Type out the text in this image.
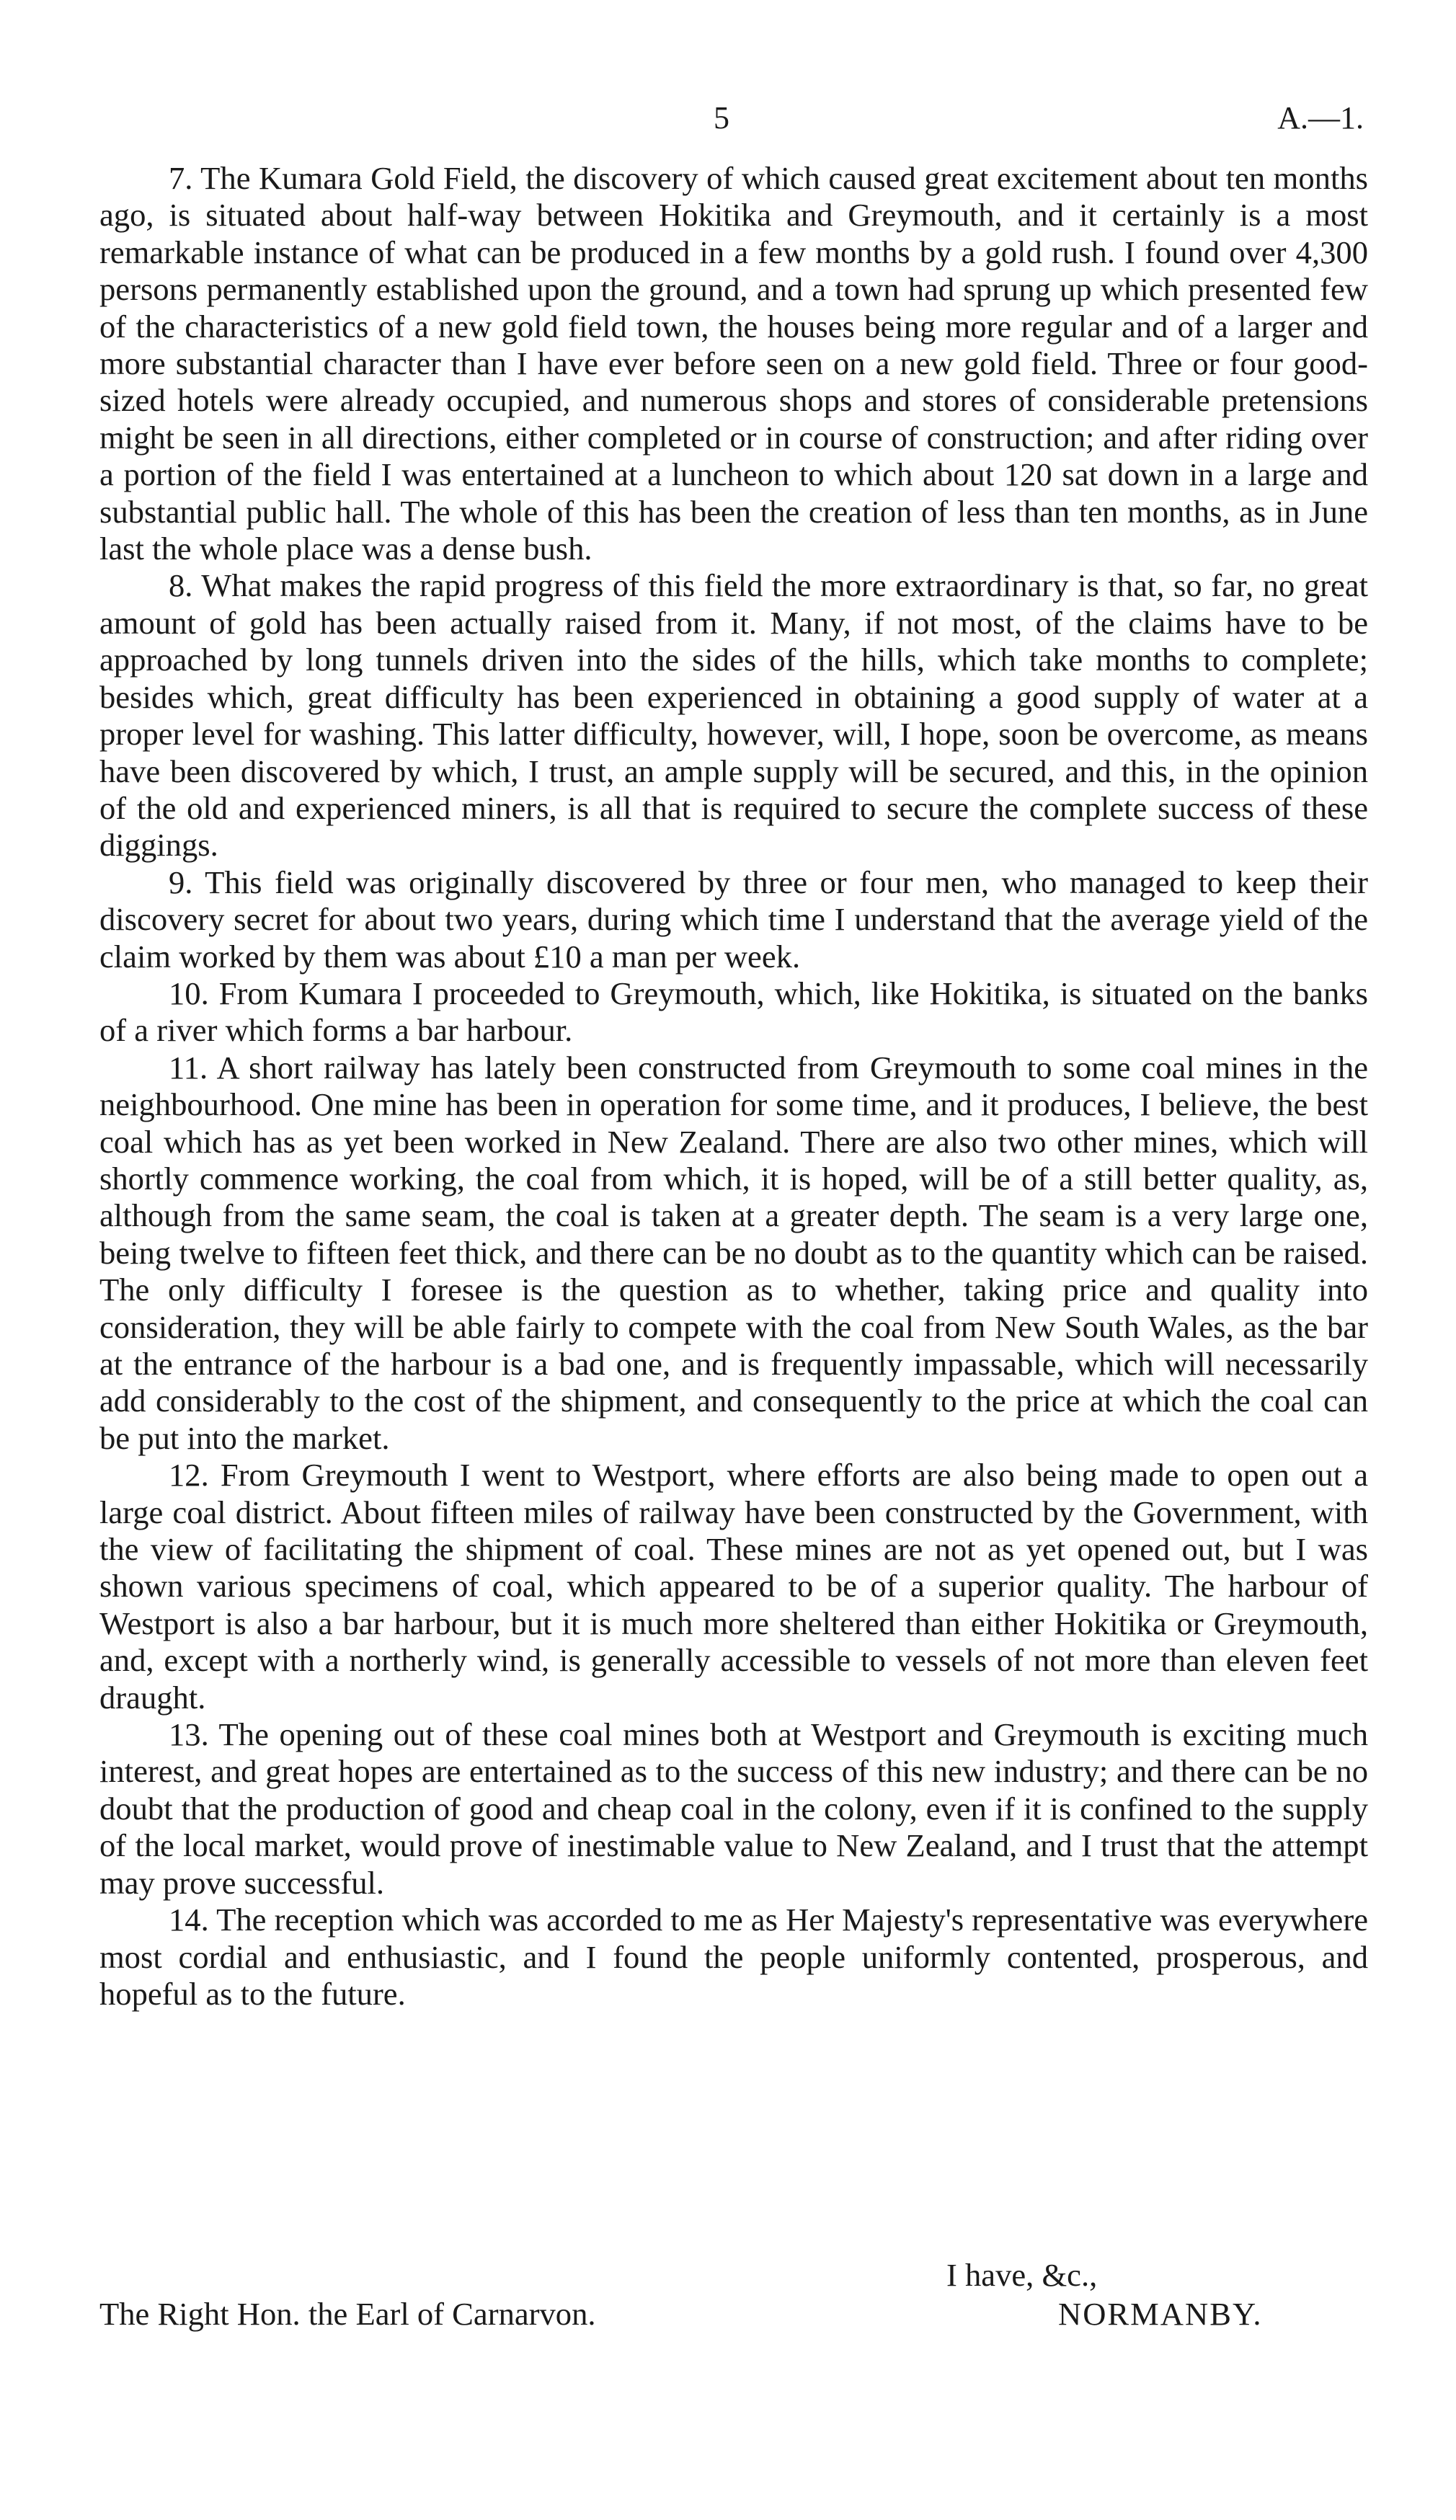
5	A.—1.

7. The Kumara Gold Field, the discovery of which caused great excitement about ten months ago, is situated about half-way between Hokitika and Greymouth, and it certainly is a most remarkable instance of what can be produced in a few months by a gold rush. I found over 4,300 persons permanently established upon the ground, and a town had sprung up which presented few of the characteristics of a new gold field town, the houses being more regular and of a larger and more substantial character than I have ever before seen on a new gold field. Three or four good-sized hotels were already occupied, and numerous shops and stores of considerable pretensions might be seen in all directions, either completed or in course of construction; and after riding over a portion of the field I was entertained at a luncheon to which about 120 sat down in a large and substantial public hall. The whole of this has been the creation of less than ten months, as in June last the whole place was a dense bush.

8. What makes the rapid progress of this field the more extraordinary is that, so far, no great amount of gold has been actually raised from it. Many, if not most, of the claims have to be approached by long tunnels driven into the sides of the hills, which take months to complete; besides which, great difficulty has been experienced in obtaining a good supply of water at a proper level for washing. This latter difficulty, however, will, I hope, soon be overcome, as means have been discovered by which, I trust, an ample supply will be secured, and this, in the opinion of the old and experienced miners, is all that is required to secure the complete success of these diggings.

9. This field was originally discovered by three or four men, who managed to keep their discovery secret for about two years, during which time I understand that the average yield of the claim worked by them was about £10 a man per week.

10. From Kumara I proceeded to Greymouth, which, like Hokitika, is situated on the banks of a river which forms a bar harbour.

11. A short railway has lately been constructed from Greymouth to some coal mines in the neighbourhood. One mine has been in operation for some time, and it produces, I believe, the best coal which has as yet been worked in New Zealand. There are also two other mines, which will shortly commence working, the coal from which, it is hoped, will be of a still better quality, as, although from the same seam, the coal is taken at a greater depth. The seam is a very large one, being twelve to fifteen feet thick, and there can be no doubt as to the quantity which can be raised. The only difficulty I foresee is the question as to whether, taking price and quality into consideration, they will be able fairly to compete with the coal from New South Wales, as the bar at the entrance of the harbour is a bad one, and is frequently impassable, which will necessarily add considerably to the cost of the shipment, and consequently to the price at which the coal can be put into the market.

12. From Greymouth I went to Westport, where efforts are also being made to open out a large coal district. About fifteen miles of railway have been constructed by the Government, with the view of facilitating the shipment of coal. These mines are not as yet opened out, but I was shown various specimens of coal, which appeared to be of a superior quality. The harbour of Westport is also a bar harbour, but it is much more sheltered than either Hokitika or Greymouth, and, except with a northerly wind, is generally accessible to vessels of not more than eleven feet draught.

13. The opening out of these coal mines both at Westport and Greymouth is exciting much interest, and great hopes are entertained as to the success of this new industry; and there can be no doubt that the production of good and cheap coal in the colony, even if it is confined to the supply of the local market, would prove of inestimable value to New Zealand, and I trust that the attempt may prove successful.

14. The reception which was accorded to me as Her Majesty's representative was everywhere most cordial and enthusiastic, and I found the people uniformly contented, prosperous, and hopeful as to the future.

I have, &c.,
The Right Hon. the Earl of Carnarvon.	NORMANBY.
